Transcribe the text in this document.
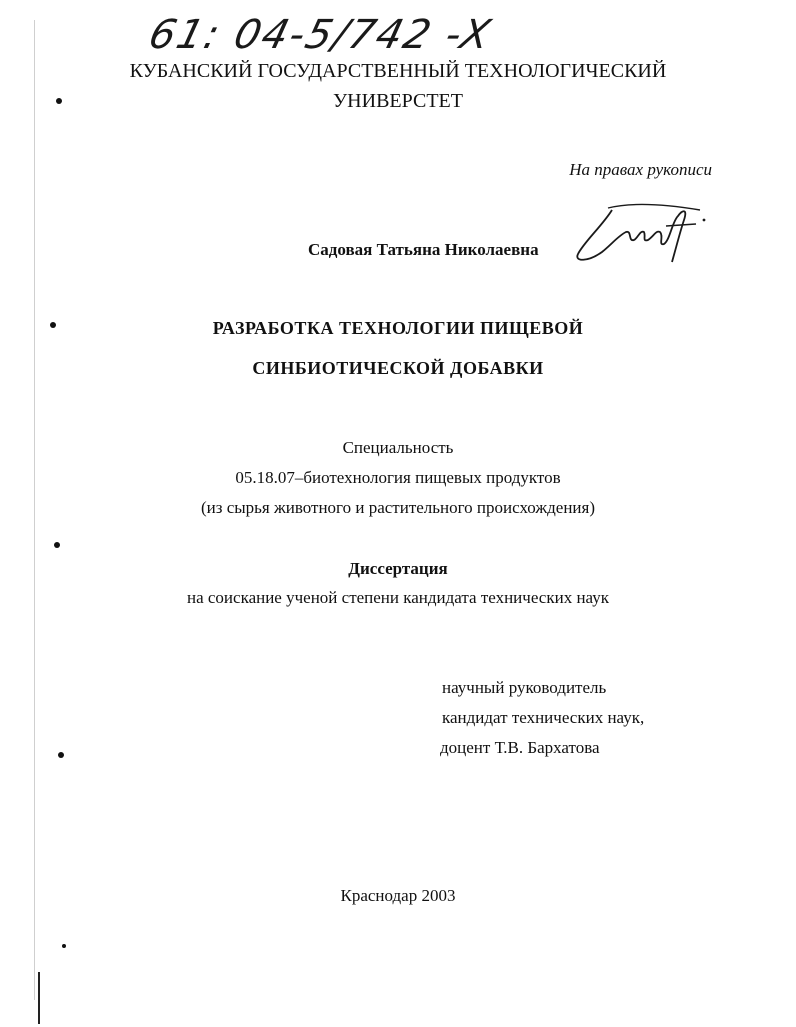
61: 04-5/742 -X
КУБАНСКИЙ ГОСУДАРСТВЕННЫЙ ТЕХНОЛОГИЧЕСКИЙ
УНИВЕРСТЕТ
На правах рукописи
Садовая Татьяна Николаевна
РАЗРАБОТКА ТЕХНОЛОГИИ ПИЩЕВОЙ
СИНБИОТИЧЕСКОЙ ДОБАВКИ
Специальность
05.18.07–биотехнология пищевых продуктов
(из сырья животного и растительного происхождения)
Диссертация
на соискание ученой степени кандидата технических наук
научный руководитель
кандидат технических наук,
доцент Т.В. Бархатова
Краснодар 2003
